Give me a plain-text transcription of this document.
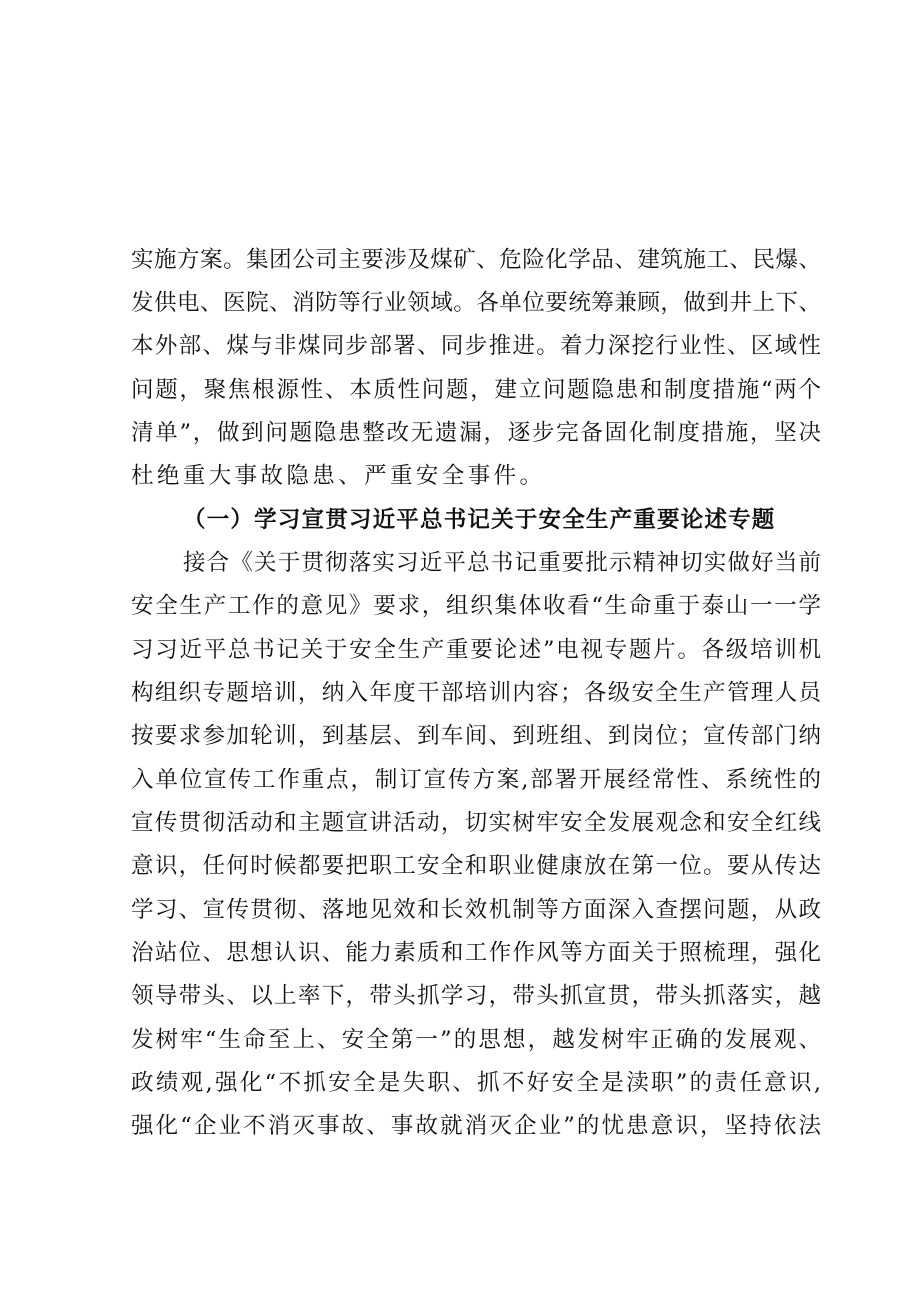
实施方案。集团公司主要涉及煤矿、危险化学品、建筑施工、民爆、
发供电、医院、消防等行业领域。各单位要统筹兼顾，做到井上下、
本外部、煤与非煤同步部署、同步推进。着力深挖行业性、区域性
问题，聚焦根源性、本质性问题，建立问题隐患和制度措施“两个
清单”，做到问题隐患整改无遗漏，逐步完备固化制度措施，坚决
杜绝重大事故隐患、严重安全事件。
（一）学习宣贯习近平总书记关于安全生产重要论述专题
接合《关于贯彻落实习近平总书记重要批示精神切实做好当前
安全生产工作的意见》要求，组织集体收看“生命重于泰山一一学
习习近平总书记关于安全生产重要论述”电视专题片。各级培训机
构组织专题培训，纳入年度干部培训内容；各级安全生产管理人员
按要求参加轮训，到基层、到车间、到班组、到岗位；宣传部门纳
入单位宣传工作重点，制订宣传方案,部署开展经常性、系统性的
宣传贯彻活动和主题宣讲活动，切实树牢安全发展观念和安全红线
意识，任何时候都要把职工安全和职业健康放在第一位。要从传达
学习、宣传贯彻、落地见效和长效机制等方面深入查摆问题，从政
治站位、思想认识、能力素质和工作作风等方面关于照梳理，强化
领导带头、以上率下，带头抓学习，带头抓宣贯，带头抓落实，越
发树牢“生命至上、安全第一”的思想，越发树牢正确的发展观、
政绩观,强化“不抓安全是失职、抓不好安全是渎职”的责任意识,
强化“企业不消灭事故、事故就消灭企业”的忧患意识，坚持依法
